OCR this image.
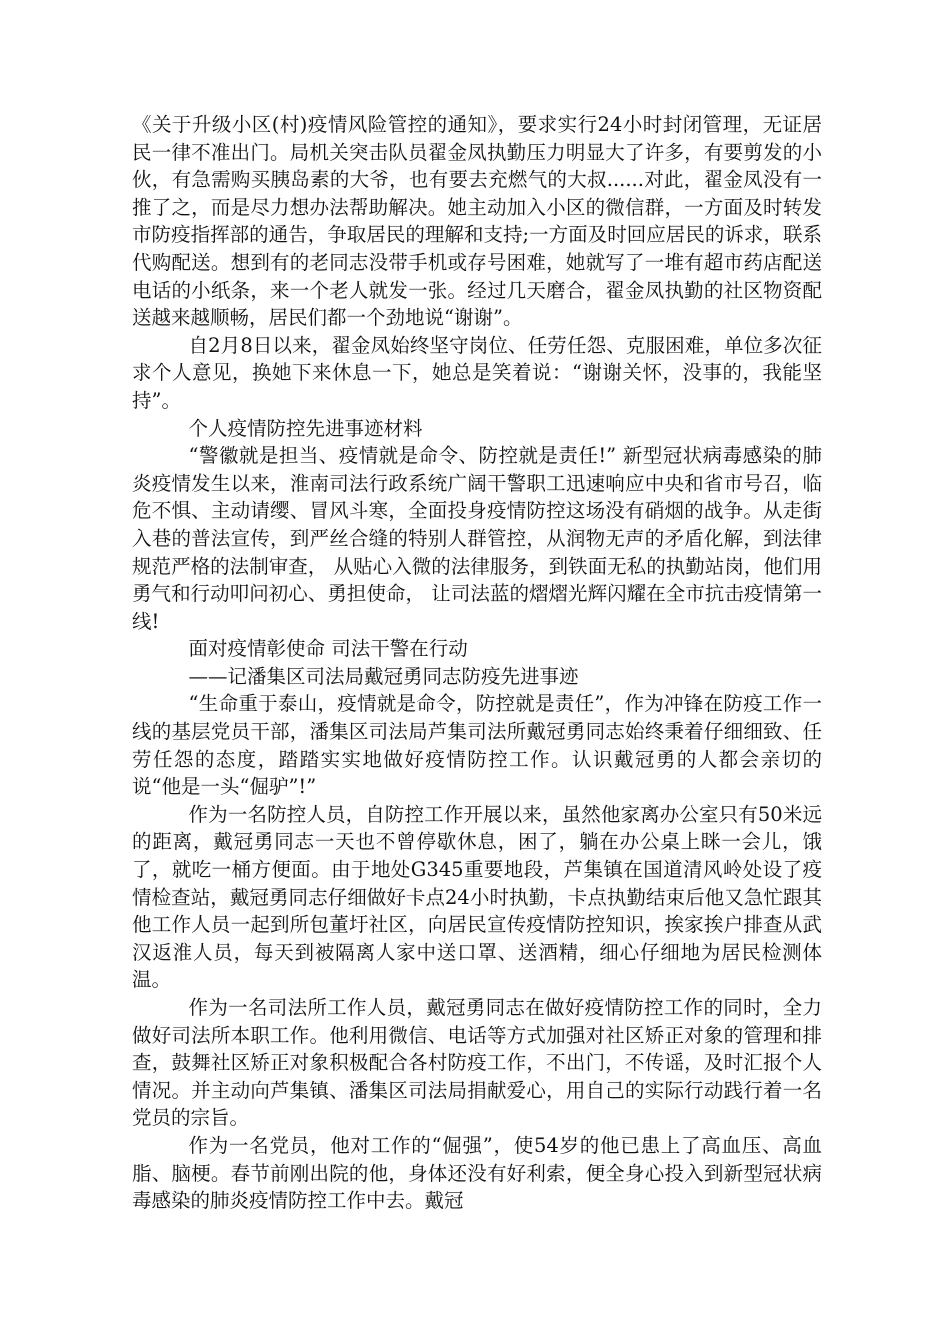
《关于升级小区(村)疫情风险管控的通知》，要求实行24小时封闭管理，无证居民一律不准出门。局机关突击队员翟金凤执勤压力明显大了许多，有要剪发的小伙，有急需购买胰岛素的大爷，也有要去充燃气的大叔......对此，翟金凤没有一推了之，而是尽力想办法帮助解决。她主动加入小区的微信群，一方面及时转发市防疫指挥部的通告，争取居民的理解和支持;一方面及时回应居民的诉求，联系代购配送。想到有的老同志没带手机或存号困难，她就写了一堆有超市药店配送电话的小纸条，来一个老人就发一张。经过几天磨合，翟金凤执勤的社区物资配送越来越顺畅，居民们都一个劲地说“谢谢”。

自2月8日以来，翟金凤始终坚守岗位、任劳任怨、克服困难，单位多次征求个人意见，换她下来休息一下，她总是笑着说：“谢谢关怀，没事的，我能坚持”。

个人疫情防控先进事迹材料

“警徽就是担当、疫情就是命令、防控就是责任!” 新型冠状病毒感染的肺炎疫情发生以来，淮南司法行政系统广阔干警职工迅速响应中央和省市号召，临危不惧、主动请缨、冒风斗寒，全面投身疫情防控这场没有硝烟的战争。从走街入巷的普法宣传，到严丝合缝的特别人群管控，从润物无声的矛盾化解，到法律规范严格的法制审查， 从贴心入微的法律服务，到铁面无私的执勤站岗，他们用勇气和行动叩问初心、勇担使命， 让司法蓝的熠熠光辉闪耀在全市抗击疫情第一线!

面对疫情彰使命 司法干警在行动

——记潘集区司法局戴冠勇同志防疫先进事迹

“生命重于泰山，疫情就是命令，防控就是责任”，作为冲锋在防疫工作一线的基层党员干部，潘集区司法局芦集司法所戴冠勇同志始终秉着仔细细致、任劳任怨的态度，踏踏实实地做好疫情防控工作。认识戴冠勇的人都会亲切的说“他是一头“倔驴”!”

作为一名防控人员，自防控工作开展以来，虽然他家离办公室只有50米远的距离，戴冠勇同志一天也不曾停歇休息，困了，躺在办公桌上眯一会儿，饿了，就吃一桶方便面。由于地处G345重要地段，芦集镇在国道清风岭处设了疫情检查站，戴冠勇同志仔细做好卡点24小时执勤，卡点执勤结束后他又急忙跟其他工作人员一起到所包董圩社区，向居民宣传疫情防控知识，挨家挨户排查从武汉返淮人员，每天到被隔离人家中送口罩、送酒精，细心仔细地为居民检测体温。

作为一名司法所工作人员，戴冠勇同志在做好疫情防控工作的同时，全力做好司法所本职工作。他利用微信、电话等方式加强对社区矫正对象的管理和排查，鼓舞社区矫正对象积极配合各村防疫工作，不出门，不传谣，及时汇报个人情况。并主动向芦集镇、潘集区司法局捐献爱心，用自己的实际行动践行着一名党员的宗旨。

作为一名党员，他对工作的“倔强”，使54岁的他已患上了高血压、高血脂、脑梗。春节前刚出院的他，身体还没有好利索，便全身心投入到新型冠状病毒感染的肺炎疫情防控工作中去。戴冠
